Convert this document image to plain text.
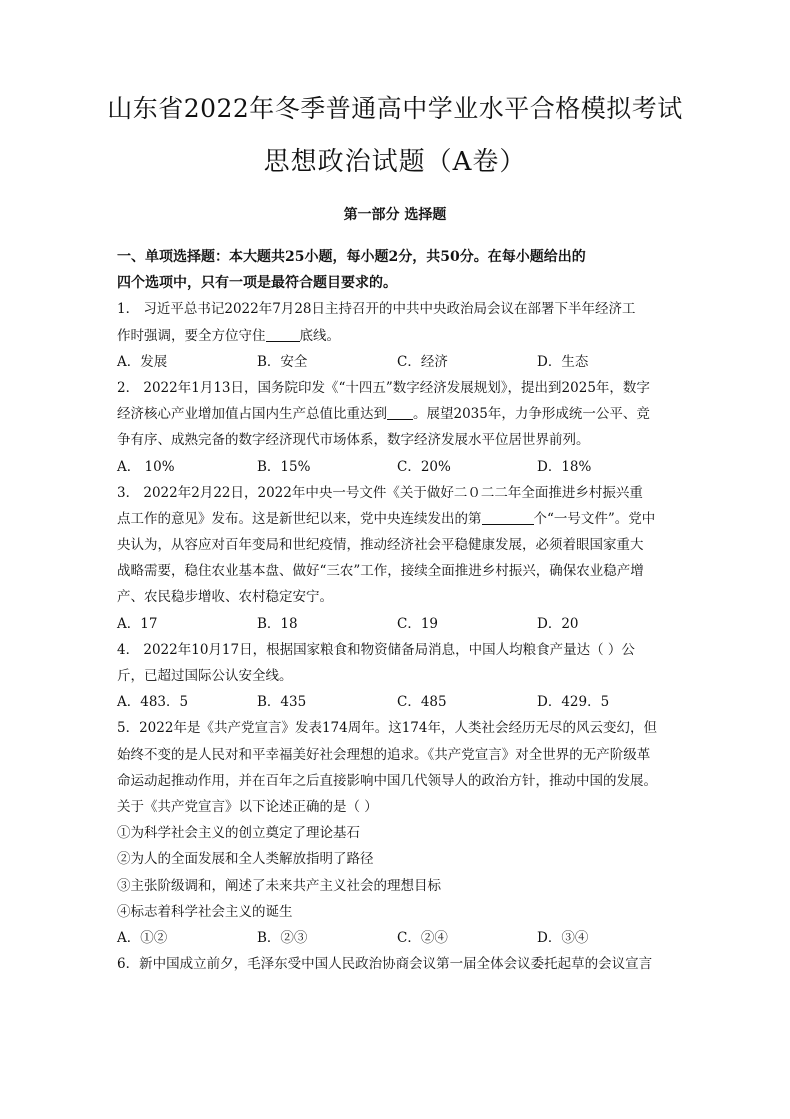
山东省2022年冬季普通高中学业水平合格模拟考试
思想政治试题（A卷）
第一部分 选择题
一、单项选择题：本大题共25小题，每小题2分，共50分。在每小题给出的
四个选项中，只有一项是最符合题目要求的。
1． 习近平总书记2022年7月28日主持召开的中共中央政治局会议在部署下半年经济工
作时强调，要全方位守住	底线。
A．发展	B．安全	C．经济	D．生态
2． 2022年1月13日，国务院印发《“十四五”数字经济发展规划》，提出到2025年，数字
经济核心产业增加值占国内生产总值比重达到 。展望2035年，力争形成统一公平、竞
争有序、成熟完备的数字经济现代市场体系，数字经济发展水平位居世界前列。
A． 10%	B．15%	C．20%	D．18%
3． 2022年2月22日，2022年中央一号文件《关于做好二０二二年全面推进乡村振兴重
点工作的意见》发布。这是新世纪以来，党中央连续发出的第	个“一号文件”。党中
央认为，从容应对百年变局和世纪疫情，推动经济社会平稳健康发展，必须着眼国家重大
战略需要，稳住农业基本盘、做好“三农”工作，接续全面推进乡村振兴，确保农业稳产增
产、农民稳步增收、农村稳定安宁。
A．17	B．18	C．19	D．20
4． 2022年10月17日，根据国家粮食和物资储备局消息，中国人均粮食产量达（ ）公
斤，已超过国际公认安全线。
A．483．5	B．435	C．485	D．429．5
5．2022年是《共产党宣言》发表174周年。这174年，人类社会经历无尽的风云变幻，但
始终不变的是人民对和平幸福美好社会理想的追求。《共产党宣言》对全世界的无产阶级革
命运动起推动作用，并在百年之后直接影响中国几代领导人的政治方针，推动中国的发展。
关于《共产党宣言》以下论述正确的是（ ）
①为科学社会主义的创立奠定了理论基石
②为人的全面发展和全人类解放指明了路径
③主张阶级调和，阐述了未来共产主义社会的理想目标
④标志着科学社会主义的诞生
A．①②	B．②③	C．②④	D．③④
6．新中国成立前夕，毛泽东受中国人民政治协商会议第一届全体会议委托起草的会议宣言
